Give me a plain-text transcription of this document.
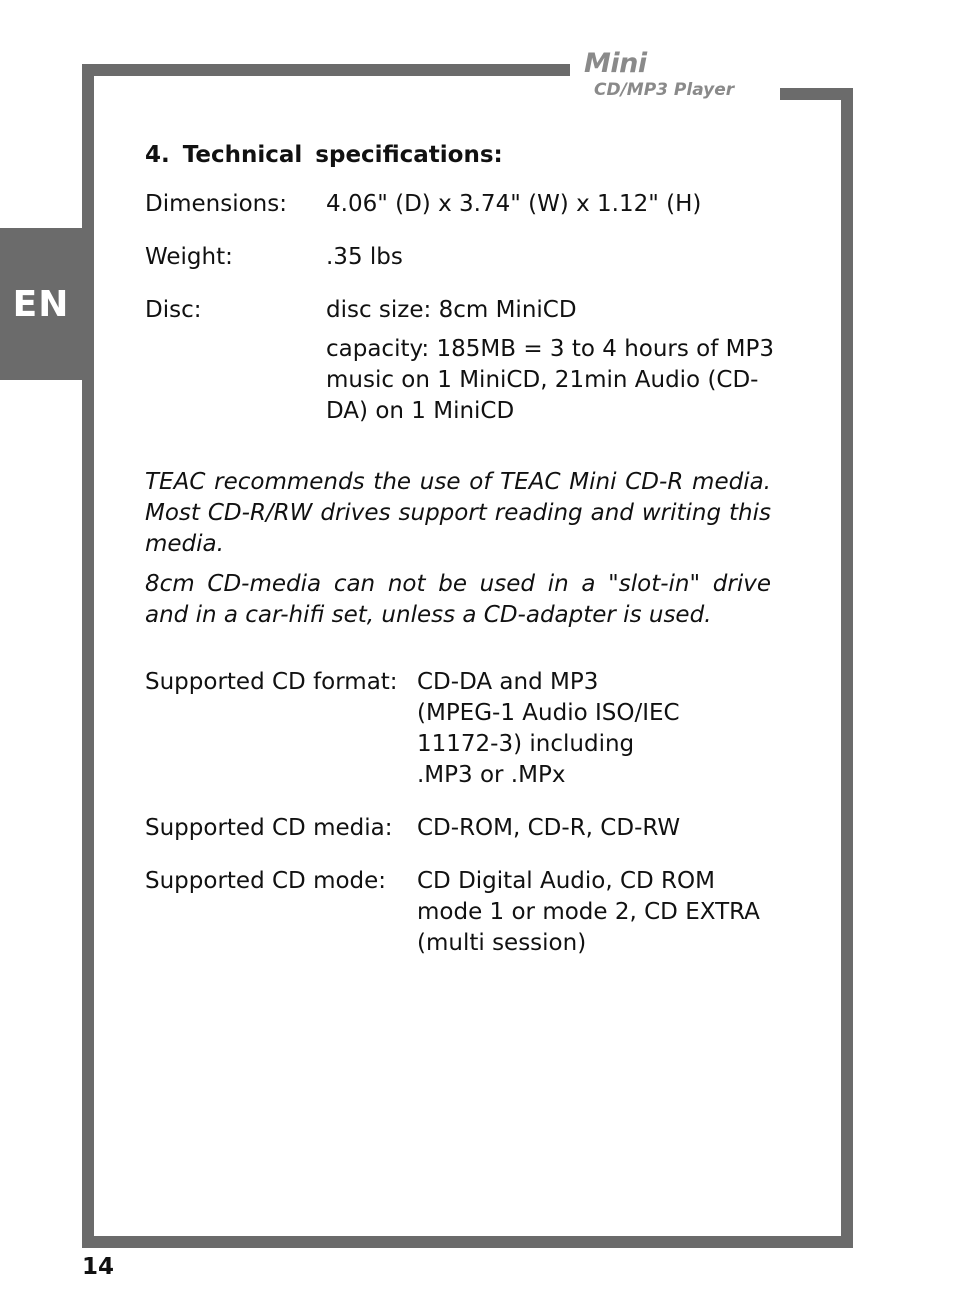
Mini
CD/MP3 Player
EN
4. Technical specifications:
Dimensions:	4.06" (D) x 3.74" (W) x 1.12" (H)

Weight:	.35 lbs

Disc:	disc size: 8cm MiniCD

capacity: 185MB = 3 to 4 hours of MP3 music on 1 MiniCD, 21min Audio (CD-DA) on 1 MiniCD

TEAC recommends the use of TEAC Mini CD-R media. Most CD-R/RW drives support reading and writing this media.

8cm CD-media can not be used in a "slot-in" drive and in a car-hifi set, unless a CD-adapter is used.

Supported CD format: CD-DA and MP3
(MPEG-1 Audio ISO/IEC
11172-3) including
.MP3 or .MPx
Supported CD media:	CD-ROM, CD-R, CD-RW
Supported CD mode:	CD Digital Audio, CD ROM
mode 1 or mode 2, CD EXTRA
(multi session)
14
